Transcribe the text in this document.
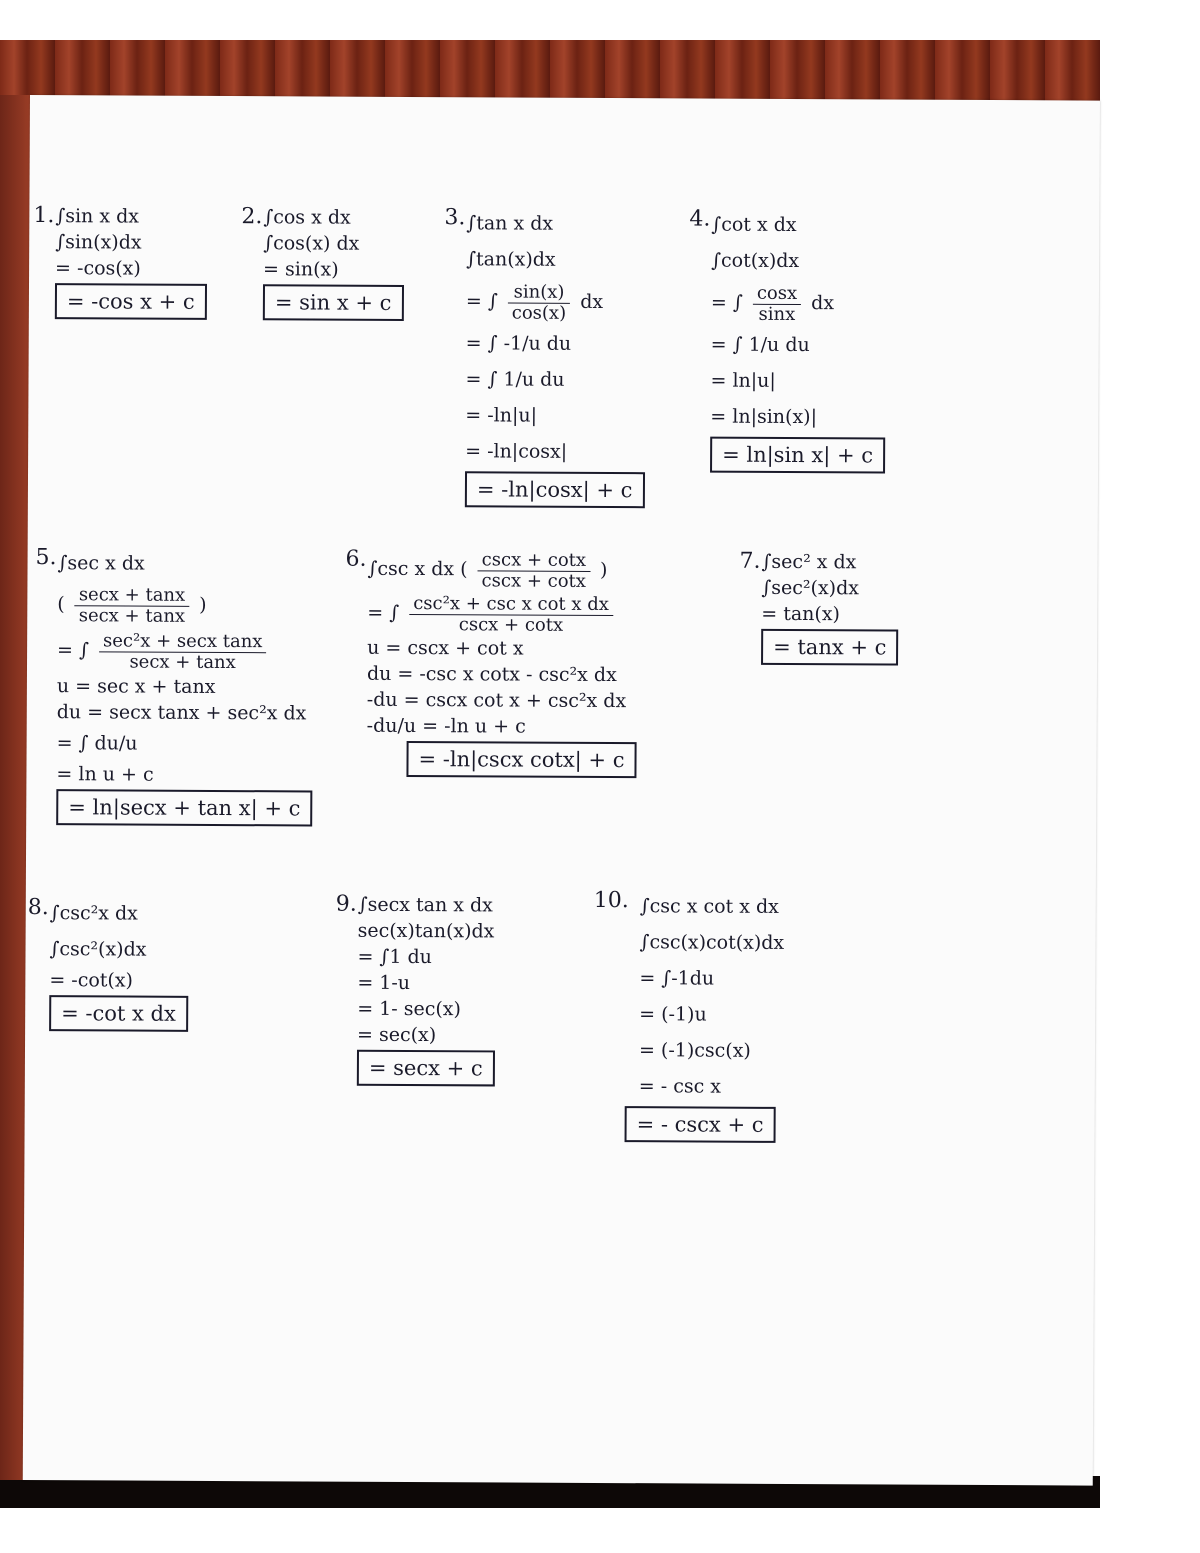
1. ∫sin x dx
∫sin(x)dx
= -cos(x)
= -cos x + c
2. ∫cos x dx
∫cos(x) dx
= sin(x)
= sin x + c
3. ∫tan x dx
∫tan(x)dx
= ∫ $\frac{\sin(x)}{\cos(x)}$ dx
= ∫ -1/u du
= ∫ 1/u du
= -ln|u|
= -ln|cosx|
= -ln|cosx| + c
4. ∫cot x dx
∫cot(x)dx
= ∫ $\frac{\cos x}{\sin x}$ dx
= ∫ 1/u du
= ln|u|
= ln|sin(x)|
= ln|sin x| + c
5. ∫sec x dx
( $\frac{\sec x + \tan x}{\sec x + \tan x}$ )
= ∫ $\frac{\text{sec²x + secx tanx}}{\sec x + \tan x}$
u = sec x + tanx
du = secx tanx + sec²x dx
= ∫ du/u
= ln u + c
= ln|secx + tan x| + c
6. ∫csc x dx ( $\frac{\csc x + \cot x}{\csc x + \cot x}$ )
= ∫ $\frac{\text{csc²x + csc x cot x dx}}{\csc x + \cot x}$
u = cscx + cot x
du = -csc x cotx - csc²x dx
-du = cscx cot x + csc²x dx
-du/u = -ln u + c
= -ln|cscx cotx| + c
7. ∫sec² x dx
∫sec²(x)dx
= tan(x)
= tanx + c
8. ∫csc²x dx
∫csc²(x)dx
= -cot(x)
= -cot x dx
9. ∫secx tan x dx
sec(x)tan(x)dx
= ∫1 du
= 1-u
= 1- sec(x)
= sec(x)
= secx + c
10. ∫csc x cot x dx
∫csc(x)cot(x)dx
= ∫-1du
= (-1)u
= (-1)csc(x)
= - csc x
= - cscx + c
